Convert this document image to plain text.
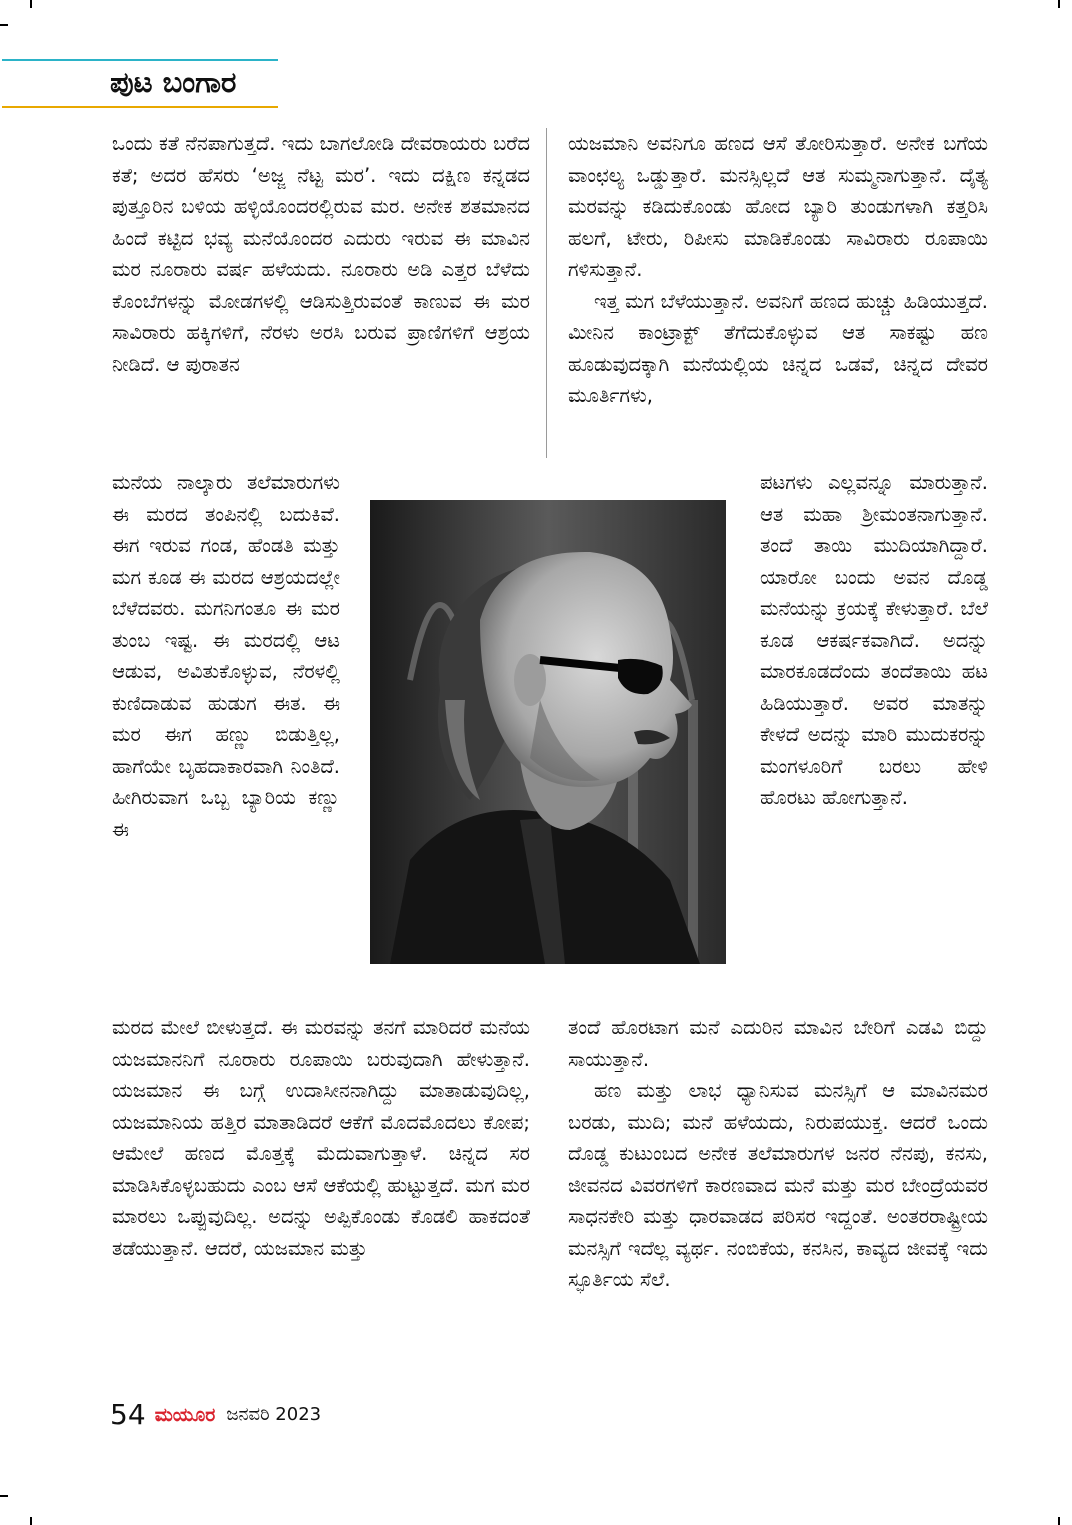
ಪುಟ ಬಂಗಾರ

ಒಂದು ಕತೆ ನೆನಪಾಗುತ್ತದೆ. ಇದು ಬಾಗಲೋಡಿ ದೇವರಾಯರು ಬರೆದ ಕತೆ; ಅದರ ಹೆಸರು ‘ಅಜ್ಜ ನೆಟ್ಟ ಮರ’. ಇದು ದಕ್ಷಿಣ ಕನ್ನಡದ ಪುತ್ತೂರಿನ ಬಳಿಯ ಹಳ್ಳಿಯೊಂದರಲ್ಲಿರುವ ಮರ. ಅನೇಕ ಶತಮಾನದ ಹಿಂದೆ ಕಟ್ಟಿದ ಭವ್ಯ ಮನೆಯೊಂದರ ಎದುರು ಇರುವ ಈ ಮಾವಿನ ಮರ ನೂರಾರು ವರ್ಷ ಹಳೆಯದು. ನೂರಾರು ಅಡಿ ಎತ್ತರ ಬೆಳೆದು ಕೊಂಬೆಗಳನ್ನು ಮೋಡಗಳಲ್ಲಿ ಆಡಿಸುತ್ತಿರುವಂತೆ ಕಾಣುವ ಈ ಮರ ಸಾವಿರಾರು ಹಕ್ಕಿಗಳಿಗೆ, ನೆರಳು ಅರಸಿ ಬರುವ ಪ್ರಾಣಿಗಳಿಗೆ ಆಶ್ರಯ ನೀಡಿದೆ. ಆ ಪುರಾತನ

ಮನೆಯ ನಾಲ್ಕಾರು ತಲೆಮಾರುಗಳು ಈ ಮರದ ತಂಪಿನಲ್ಲಿ ಬದುಕಿವೆ. ಈಗ ಇರುವ ಗಂಡ, ಹೆಂಡತಿ ಮತ್ತು ಮಗ ಕೂಡ ಈ ಮರದ ಆಶ್ರಯದಲ್ಲೇ ಬೆಳೆದವರು. ಮಗನಿಗಂತೂ ಈ ಮರ ತುಂಬ ಇಷ್ಟ. ಈ ಮರದಲ್ಲಿ ಆಟ ಆಡುವ, ಅವಿತುಕೊಳ್ಳುವ, ನೆರಳಲ್ಲಿ ಕುಣಿದಾಡುವ ಹುಡುಗ ಈತ. ಈ ಮರ ಈಗ ಹಣ್ಣು ಬಿಡುತ್ತಿಲ್ಲ, ಹಾಗೆಯೇ ಬೃಹದಾಕಾರವಾಗಿ ನಿಂತಿದೆ. ಹೀಗಿರುವಾಗ ಒಬ್ಬ ಬ್ಯಾರಿಯ ಕಣ್ಣು ಈ

ಮರದ ಮೇಲೆ ಬೀಳುತ್ತದೆ. ಈ ಮರವನ್ನು ತನಗೆ ಮಾರಿದರೆ ಮನೆಯ ಯಜಮಾನನಿಗೆ ನೂರಾರು ರೂಪಾಯಿ ಬರುವುದಾಗಿ ಹೇಳುತ್ತಾನೆ. ಯಜಮಾನ ಈ ಬಗ್ಗೆ ಉದಾಸೀನನಾಗಿದ್ದು ಮಾತಾಡುವುದಿಲ್ಲ, ಯಜಮಾನಿಯ ಹತ್ತಿರ ಮಾತಾಡಿದರೆ ಆಕೆಗೆ ಮೊದಮೊದಲು ಕೋಪ; ಆಮೇಲೆ ಹಣದ ಮೊತ್ತಕ್ಕೆ ಮೆದುವಾಗುತ್ತಾಳೆ. ಚಿನ್ನದ ಸರ ಮಾಡಿಸಿಕೊಳ್ಳಬಹುದು ಎಂಬ ಆಸೆ ಆಕೆಯಲ್ಲಿ ಹುಟ್ಟುತ್ತದೆ. ಮಗ ಮರ ಮಾರಲು ಒಪ್ಪುವುದಿಲ್ಲ. ಅದನ್ನು ಅಪ್ಪಿಕೊಂಡು ಕೊಡಲಿ ಹಾಕದಂತೆ ತಡೆಯುತ್ತಾನೆ. ಆದರೆ, ಯಜಮಾನ ಮತ್ತು

ಯಜಮಾನಿ ಅವನಿಗೂ ಹಣದ ಆಸೆ ತೋರಿಸುತ್ತಾರೆ. ಅನೇಕ ಬಗೆಯ ವಾಂಛಲ್ಯ ಒಡ್ಡುತ್ತಾರೆ. ಮನಸ್ಸಿಲ್ಲದೆ ಆತ ಸುಮ್ಮನಾಗುತ್ತಾನೆ. ದೈತ್ಯ ಮರವನ್ನು ಕಡಿದುಕೊಂಡು ಹೋದ ಬ್ಯಾರಿ ತುಂಡುಗಳಾಗಿ ಕತ್ತರಿಸಿ ಹಲಗೆ, ಟೇರು, ರಿಪೀಸು ಮಾಡಿಕೊಂಡು ಸಾವಿರಾರು ರೂಪಾಯಿ ಗಳಿಸುತ್ತಾನೆ.

ಇತ್ತ ಮಗ ಬೆಳೆಯುತ್ತಾನೆ. ಅವನಿಗೆ ಹಣದ ಹುಚ್ಚು ಹಿಡಿಯುತ್ತದೆ. ಮೀನಿನ ಕಾಂಟ್ರಾಕ್ಟ್ ತೆಗೆದುಕೊಳ್ಳುವ ಆತ ಸಾಕಷ್ಟು ಹಣ ಹೂಡುವುದಕ್ಕಾಗಿ ಮನೆಯಲ್ಲಿಯ ಚಿನ್ನದ ಒಡವೆ, ಚಿನ್ನದ ದೇವರ ಮೂರ್ತಿಗಳು,

ಪಟಗಳು ಎಲ್ಲವನ್ನೂ ಮಾರುತ್ತಾನೆ. ಆತ ಮಹಾ ಶ್ರೀಮಂತನಾಗುತ್ತಾನೆ. ತಂದೆ ತಾಯಿ ಮುದಿಯಾಗಿದ್ದಾರೆ. ಯಾರೋ ಬಂದು ಅವನ ದೊಡ್ಡ ಮನೆಯನ್ನು ಕ್ರಯಕ್ಕೆ ಕೇಳುತ್ತಾರೆ. ಬೆಲೆ ಕೂಡ ಆಕರ್ಷಕವಾಗಿದೆ. ಅದನ್ನು ಮಾರಕೂಡದೆಂದು ತಂದೆತಾಯಿ ಹಟ ಹಿಡಿಯುತ್ತಾರೆ. ಅವರ ಮಾತನ್ನು ಕೇಳದೆ ಅದನ್ನು ಮಾರಿ ಮುದುಕರನ್ನು ಮಂಗಳೂರಿಗೆ ಬರಲು ಹೇಳಿ ಹೊರಟು ಹೋಗುತ್ತಾನೆ.

ತಂದೆ ಹೊರಟಾಗ ಮನೆ ಎದುರಿನ ಮಾವಿನ ಬೇರಿಗೆ ಎಡವಿ ಬಿದ್ದು ಸಾಯುತ್ತಾನೆ.

ಹಣ ಮತ್ತು ಲಾಭ ಧ್ಯಾನಿಸುವ ಮನಸ್ಸಿಗೆ ಆ ಮಾವಿನಮರ ಬರಡು, ಮುದಿ; ಮನೆ ಹಳೆಯದು, ನಿರುಪಯುಕ್ತ. ಆದರೆ ಒಂದು ದೊಡ್ಡ ಕುಟುಂಬದ ಅನೇಕ ತಲೆಮಾರುಗಳ ಜನರ ನೆನಪು, ಕನಸು, ಜೀವನದ ವಿವರಗಳಿಗೆ ಕಾರಣವಾದ ಮನೆ ಮತ್ತು ಮರ ಬೇಂದ್ರೆಯವರ ಸಾಧನಕೇರಿ ಮತ್ತು ಧಾರವಾಡದ ಪರಿಸರ ಇದ್ದಂತೆ. ಅಂತರರಾಷ್ಟ್ರೀಯ ಮನಸ್ಸಿಗೆ ಇದೆಲ್ಲ ವ್ಯರ್ಥ. ನಂಬಿಕೆಯ, ಕನಸಿನ, ಕಾವ್ಯದ ಜೀವಕ್ಕೆ ಇದು ಸ್ಫೂರ್ತಿಯ ಸೆಲೆ.

54 ಮಯೂರ ಜನವರಿ 2023
